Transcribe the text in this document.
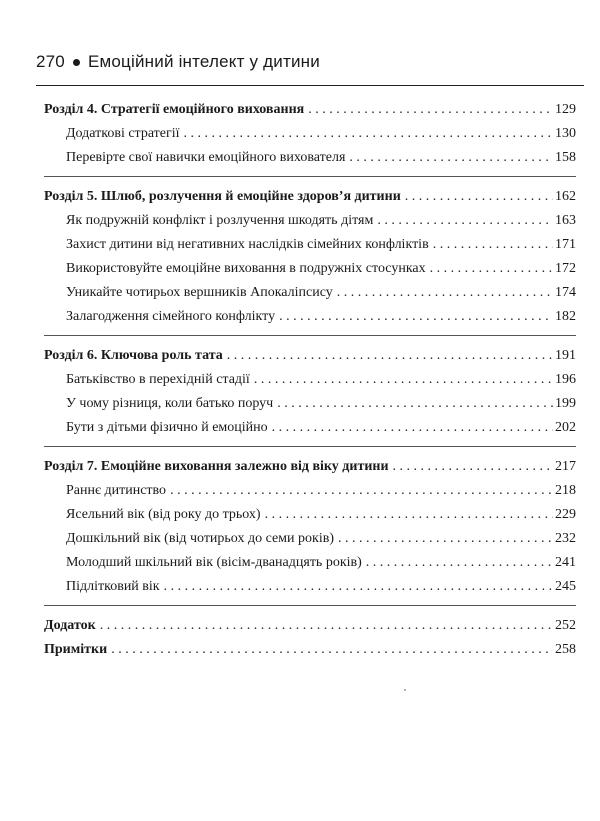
270 Емоційний інтелект у дитини
Розділ 4. Стратегії емоційного виховання . . .	129
Додаткові стратегії . . .	130
Перевірте свої навички емоційного вихователя . . .	158
Розділ 5. Шлюб, розлучення й емоційне здоров’я дитини . . .	162
Як подружній конфлікт і розлучення шкодять дітям . . .	163
Захист дитини від негативних наслідків сімейних конфліктів . . .	171
Використовуйте емоційне виховання в подружніх стосунках . . .	172
Уникайте чотирьох вершників Апокаліпсису . . .	174
Залагодження сімейного конфлікту . . .	182
Розділ 6. Ключова роль тата . . .	191
Батьківство в перехідній стадії . . .	196
У чому різниця, коли батько поруч . . .	199
Бути з дітьми фізично й емоційно . . .	202
Розділ 7. Емоційне виховання залежно від віку дитини . . .	217
Раннє дитинство . . .	218
Ясельний вік (від року до трьох) . . .	229
Дошкільний вік (від чотирьох до семи років) . . .	232
Молодший шкільний вік (вісім-дванадцять років) . . .	241
Підлітковий вік . . .	245
Додаток . . .	252
Примітки . . .	258
